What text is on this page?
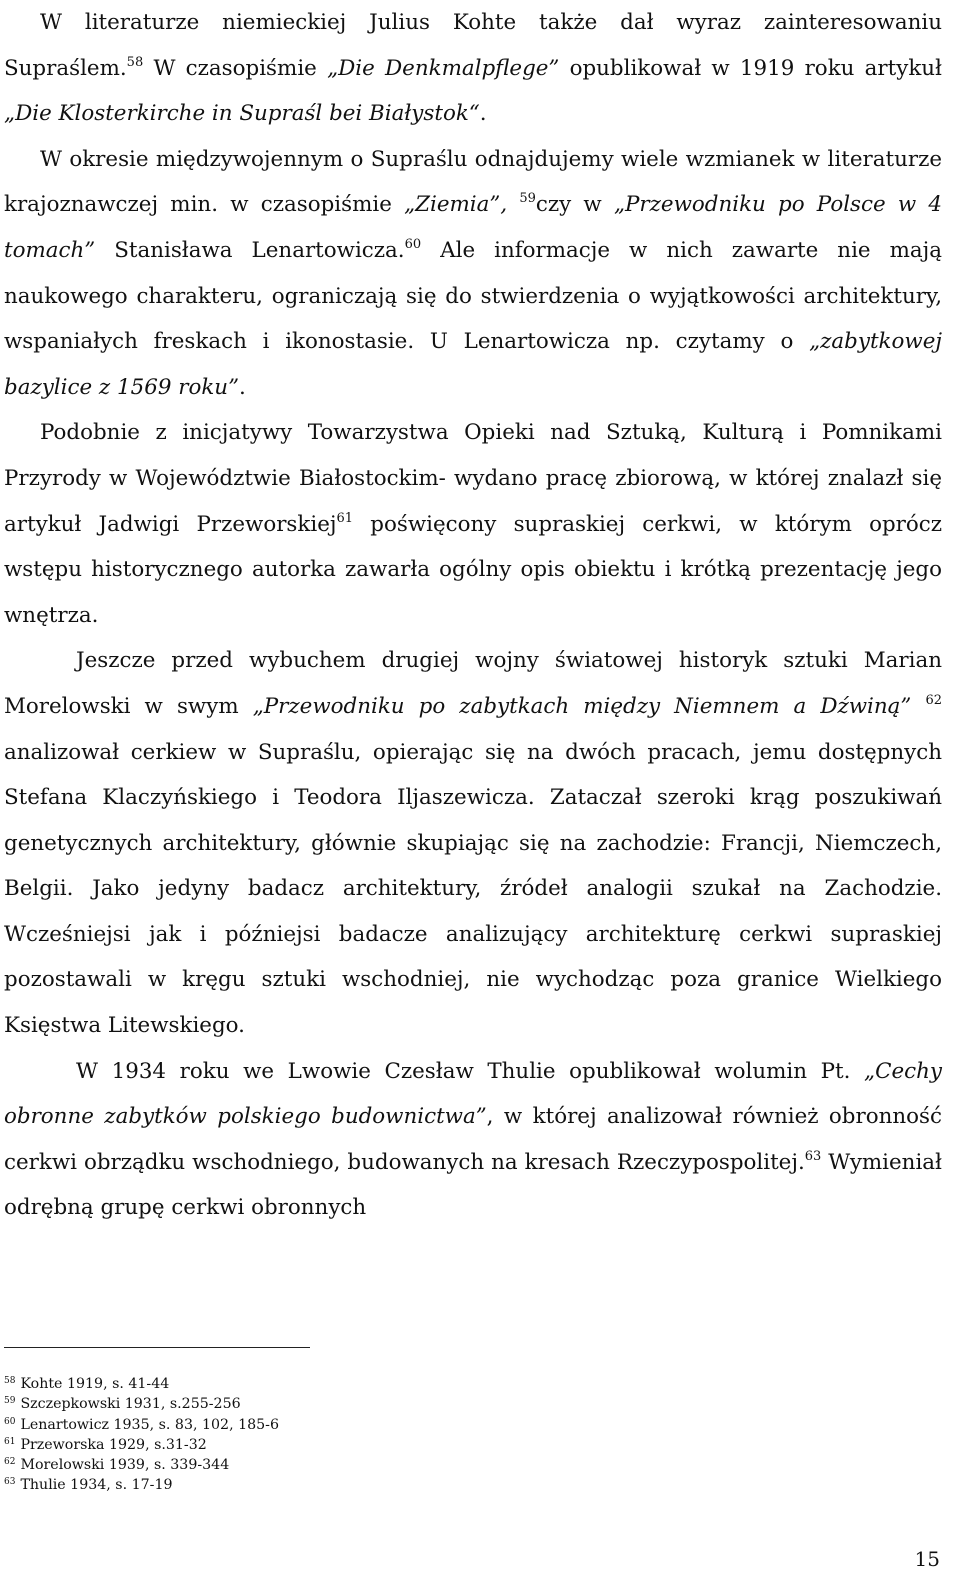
W literaturze niemieckiej Julius Kohte także dał wyraz zainteresowaniu Supraślem.$^{58}$ W czasopiśmie „Die Denkmalpflege” opublikował w 1919 roku artykuł „Die Klosterkirche in Supraśl bei Białystok“.

W okresie międzywojennym o Supraślu odnajdujemy wiele wzmianek w literaturze krajoznawczej min. w czasopiśmie „Ziemia”, $^{59}$czy w „Przewodniku po Polsce w 4 tomach” Stanisława Lenartowicza.$^{60}$ Ale informacje w nich zawarte nie mają naukowego charakteru, ograniczają się do stwierdzenia o wyjątkowości architektury, wspaniałych freskach i ikonostasie. U Lenartowicza np. czytamy o „zabytkowej bazylice z 1569 roku”.

Podobnie z inicjatywy Towarzystwa Opieki nad Sztuką, Kulturą i Pomnikami Przyrody w Województwie Białostockim- wydano pracę zbiorową, w której znalazł się artykuł Jadwigi Przeworskiej$^{61}$ poświęcony supraskiej cerkwi, w którym oprócz wstępu historycznego autorka zawarła ogólny opis obiektu i krótką prezentację jego wnętrza.

Jeszcze przed wybuchem drugiej wojny światowej historyk sztuki Marian Morelowski w swym „Przewodniku po zabytkach między Niemnem a Dźwiną” $^{62}$ analizował cerkiew w Supraślu, opierając się na dwóch pracach, jemu dostępnych Stefana Klaczyńskiego i Teodora Iljaszewicza. Zataczał szeroki krąg poszukiwań genetycznych architektury, głównie skupiając się na zachodzie: Francji, Niemczech, Belgii. Jako jedyny badacz architektury, źródeł analogii szukał na Zachodzie. Wcześniejsi jak i późniejsi badacze analizujący architekturę cerkwi supraskiej pozostawali w kręgu sztuki wschodniej, nie wychodząc poza granice Wielkiego Księstwa Litewskiego.

W 1934 roku we Lwowie Czesław Thulie opublikował wolumin Pt. „Cechy obronne zabytków polskiego budownictwa”, w której analizował również obronność cerkwi obrządku wschodniego, budowanych na kresach Rzeczypospolitej.$^{63}$ Wymieniał odrębną grupę cerkwi obronnych

$^{58}$ Kohte 1919, s. 41-44
$^{59}$ Szczepkowski 1931, s.255-256
$^{60}$ Lenartowicz 1935, s. 83, 102, 185-6
$^{61}$ Przeworska 1929, s.31-32
$^{62}$ Morelowski 1939, s. 339-344
$^{63}$ Thulie 1934, s. 17-19
15
